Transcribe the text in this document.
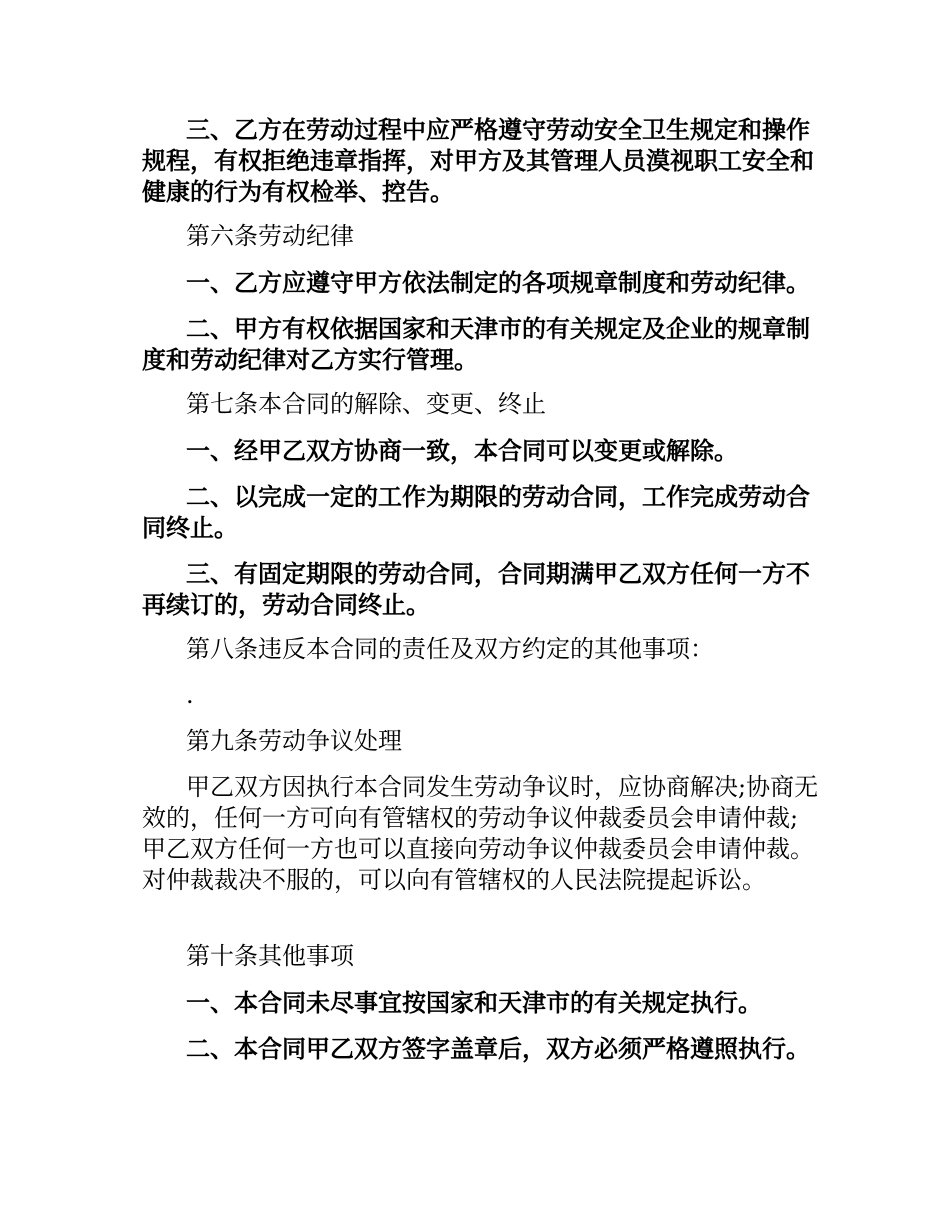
三、乙方在劳动过程中应严格遵守劳动安全卫生规定和操作规程，有权拒绝违章指挥，对甲方及其管理人员漠视职工安全和健康的行为有权检举、控告。

第六条劳动纪律

一、乙方应遵守甲方依法制定的各项规章制度和劳动纪律。

二、甲方有权依据国家和天津市的有关规定及企业的规章制度和劳动纪律对乙方实行管理。

第七条本合同的解除、变更、终止

一、经甲乙双方协商一致，本合同可以变更或解除。

二、以完成一定的工作为期限的劳动合同，工作完成劳动合同终止。

三、有固定期限的劳动合同，合同期满甲乙双方任何一方不再续订的，劳动合同终止。

第八条违反本合同的责任及双方约定的其他事项：

.

第九条劳动争议处理

甲乙双方因执行本合同发生劳动争议时，应协商解决;协商无效的，任何一方可向有管辖权的劳动争议仲裁委员会申请仲裁;甲乙双方任何一方也可以直接向劳动争议仲裁委员会申请仲裁。对仲裁裁决不服的，可以向有管辖权的人民法院提起诉讼。

第十条其他事项

一、本合同未尽事宜按国家和天津市的有关规定执行。

二、本合同甲乙双方签字盖章后，双方必须严格遵照执行。
